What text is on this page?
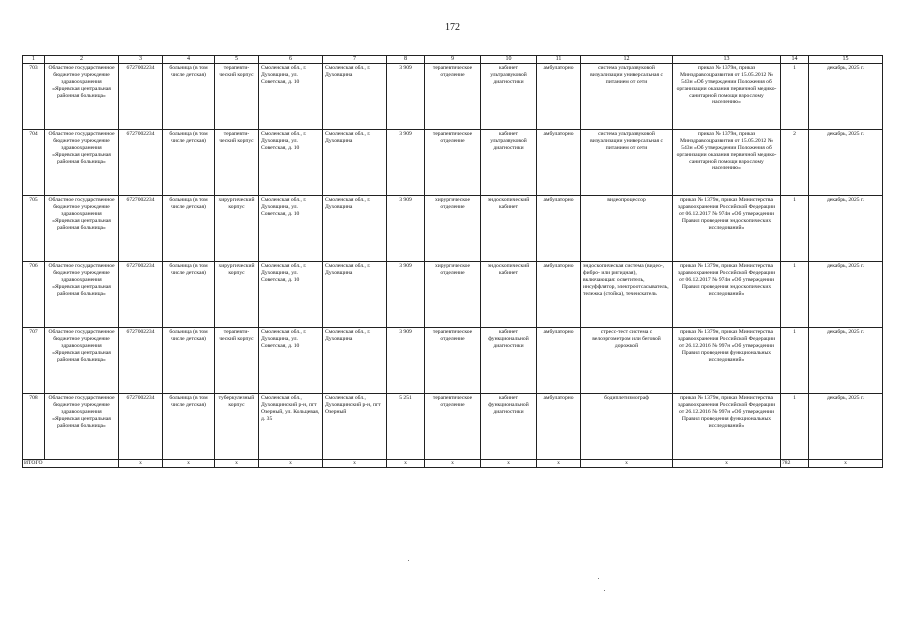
172
1	2	3	4	5	6	7	8	9	10	11	12	13	14	15
703	Областное государственное бюджетное учреждение здравоохранения «Ярцевская центральная районная больница»	6727002234	больница (в том числе детская)	терапевти-ческий корпус	Смоленская обл., г. Духовщина, ул. Советская, д. 10	Смоленская обл., г. Духовщина	3 909	терапевтическое отделение	кабинет ультразвуковой диагностики	амбулаторно	система ультразвуковой визуализации универсальная с питанием от сети	приказ № 1379н, приказ Минздравсоцразвития от 15.05.2012 № 543н «Об утверждении Положения об организации оказания первичной медико-санитарной помощи взрослому населению»	1	декабрь, 2025 г.
704	Областное государственное бюджетное учреждение здравоохранения «Ярцевская центральная районная больница»	6727002234	больница (в том числе детская)	терапевти-ческий корпус	Смоленская обл., г. Духовщина, ул. Советская, д. 10	Смоленская обл., г. Духовщина	3 909	терапевтическое отделение	кабинет ультразвуковой диагностики	амбулаторно	система ультразвуковой визуализации универсальная с питанием от сети	приказ № 1379н, приказ Минздравсоцразвития от 15.05.2012 № 543н «Об утверждении Положения об организации оказания первичной медико-санитарной помощи взрослому населению»	2	декабрь, 2025 г.
705	Областное государственное бюджетное учреждение здравоохранения «Ярцевская центральная районная больница»	6727002234	больница (в том числе детская)	хирургический корпус	Смоленская обл., г. Духовщина, ул. Советская, д. 10	Смоленская обл., г. Духовщина	3 909	хирургическое отделение	эндоскопический кабинет	амбулаторно	видеопроцессор	приказ № 1379н, приказ Министерства здравоохранения Российской Федерации от 06.12.2017 № 974н «Об утверждении Правил проведения эндоскопических исследований»	1	декабрь, 2025 г.
706	Областное государственное бюджетное учреждение здравоохранения «Ярцевская центральная районная больница»	6727002234	больница (в том числе детская)	хирургический корпус	Смоленская обл., г. Духовщина, ул. Советская, д. 10	Смоленская обл., г. Духовщина	3 909	хирургическое отделение	эндоскопический кабинет	амбулаторно	эндоскопическая система (видео-, фибро- или ригидная), включающая: осветитель, инсуффлятор, электроотсасыватель, тележка (стойка), течеискатель	приказ № 1379н, приказ Министерства здравоохранения Российской Федерации от 06.12.2017 № 974н «Об утверждении Правил проведения эндоскопических исследований»	1	декабрь, 2025 г.
707	Областное государственное бюджетное учреждение здравоохранения «Ярцевская центральная районная больница»	6727002234	больница (в том числе детская)	терапевти-ческий корпус	Смоленская обл., г. Духовщина, ул. Советская, д. 10	Смоленская обл., г. Духовщина	3 909	терапевтическое отделение	кабинет функциональной диагностики	амбулаторно	стресс-тест система с велоэргометром или беговой дорожкой	приказ № 1379н, приказ Министерства здравоохранения Российской Федерации от 26.12.2016 № 997н «Об утверждении Правил проведения функциональных исследований»	1	декабрь, 2025 г.
708	Областное государственное бюджетное учреждение здравоохранения «Ярцевская центральная районная больница»	6727002234	больница (в том числе детская)	туберкулезный корпус	Смоленская обл., Духовщинский р-н, пгт Озерный, ул. Кольцевая, д. 35	Смоленская обл., Духовщинский р-н, пгт Озерный	5 251	терапевтическое отделение	кабинет функциональной диагностики	амбулаторно	бодиплетизмограф	приказ № 1379н, приказ Министерства здравоохранения Российской Федерации от 26.12.2016 № 997н «Об утверждении Правил проведения функциональных исследований»	1	декабрь, 2025 г.
ИТОГО		х	х	х	х	х	х	х	х	х	х	х	782	х
